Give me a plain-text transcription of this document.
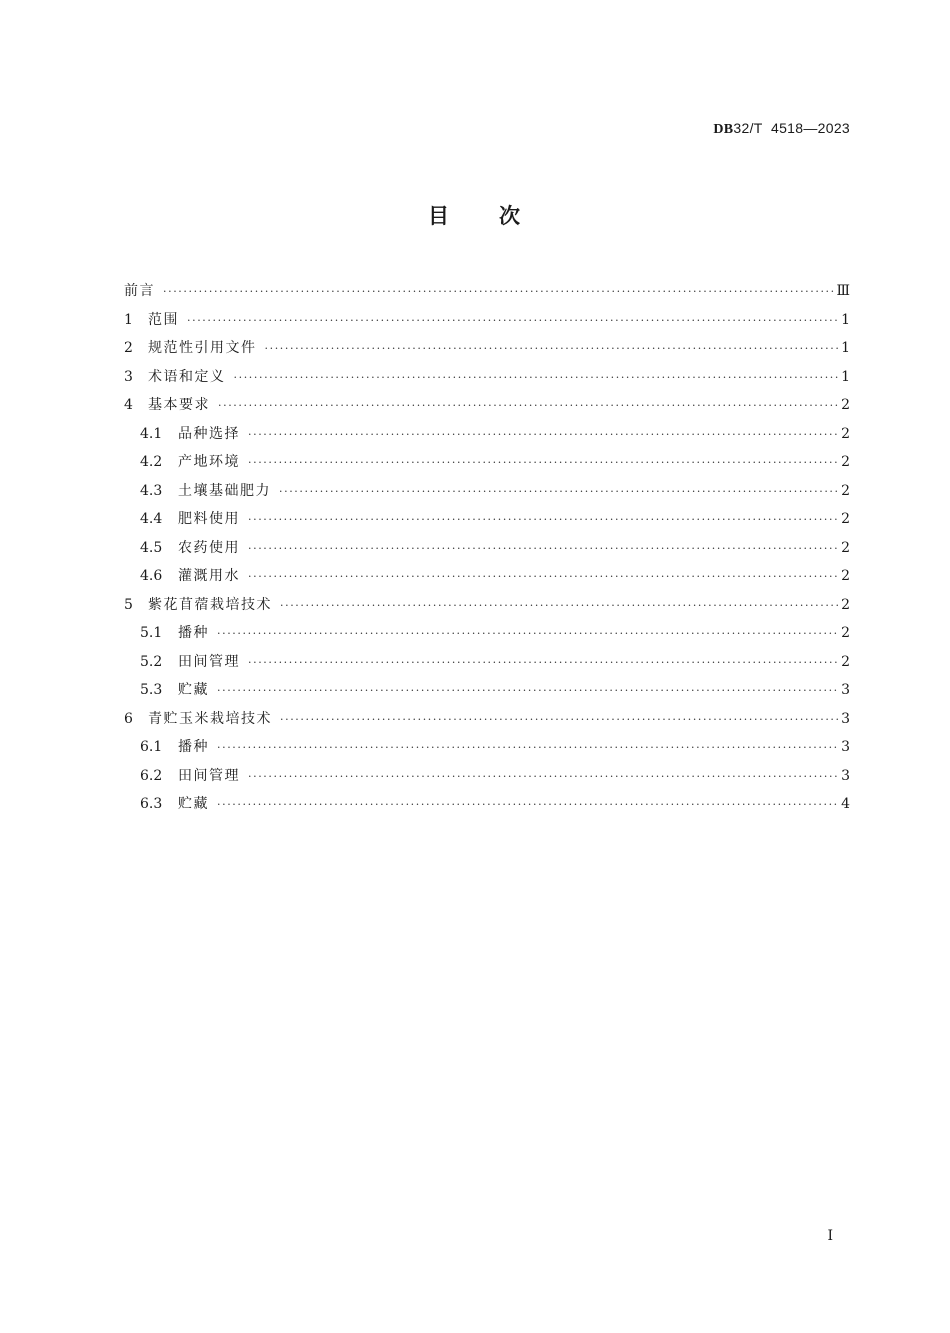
DB32/T 4518—2023
目 次
前言 ·····	Ⅲ
1	范围 ·····	1
2	规范性引用文件 ·····	1
3	术语和定义 ·····	1
4	基本要求 ·····	2
4.1	品种选择 ·····	2
4.2	产地环境 ·····	2
4.3	土壤基础肥力 ·····	2
4.4	肥料使用 ·····	2
4.5	农药使用 ·····	2
4.6	灌溉用水 ·····	2
5	紫花苜蓿栽培技术 ·····	2
5.1	播种 ·····	2
5.2	田间管理 ·····	2
5.3	贮藏 ·····	3
6	青贮玉米栽培技术 ·····	3
6.1	播种 ·····	3
6.2	田间管理 ·····	3
6.3	贮藏 ·····	4
I
